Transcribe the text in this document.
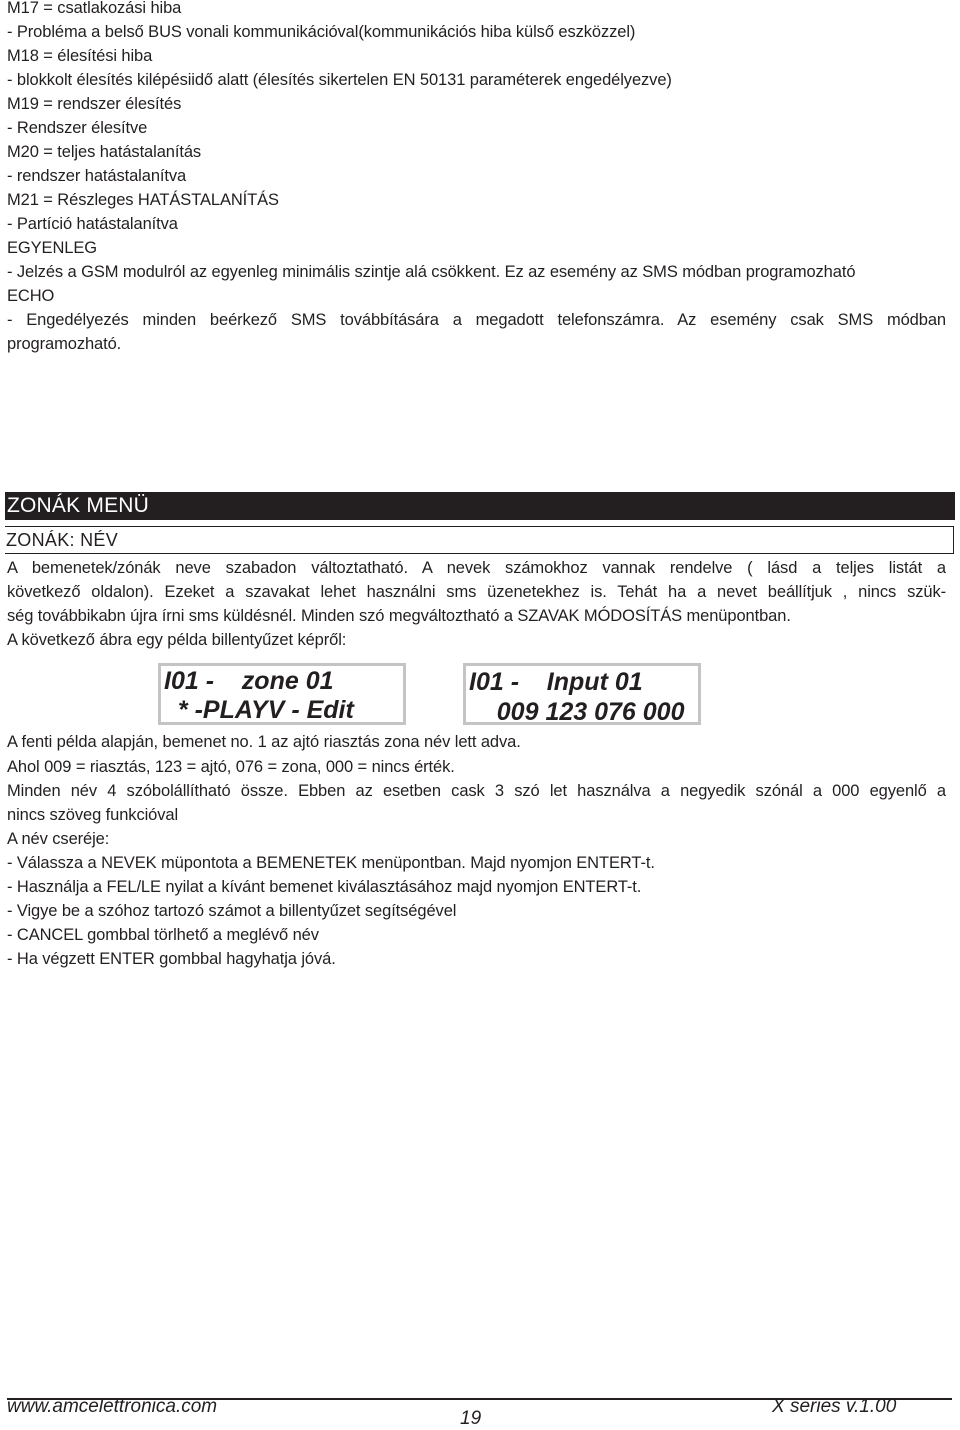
M17 = csatlakozási hiba
- Probléma a belső BUS vonali kommunikációval(kommunikációs hiba külső eszközzel)
M18 = élesítési hiba
- blokkolt élesítés kilépésiidő alatt (élesítés sikertelen EN 50131 paraméterek engedélyezve)
M19 = rendszer élesítés
- Rendszer élesítve
M20 = teljes hatástalanítás
- rendszer hatástalanítva
M21 = Részleges HATÁSTALANÍTÁS
- Partíció hatástalanítva
EGYENLEG
- Jelzés a GSM modulról az egyenleg minimális szintje alá csökkent. Ez az esemény az SMS módban programozható
ECHO
- Engedélyezés minden beérkező SMS továbbítására a megadott telefonszámra. Az esemény csak SMS módban
programozható.
ZONÁK MENÜ
ZONÁK: NÉV
A bemenetek/zónák neve szabadon változtatható. A nevek számokhoz vannak rendelve ( lásd a teljes listát a
következő oldalon). Ezeket a szavakat lehet használni sms üzenetekhez is. Tehát ha a nevet beállítjuk , nincs szük-
ség továbbikabn újra írni sms küldésnél. Minden szó megváltoztható a SZAVAK MÓDOSÍTÁS menüpontban.
A következő ábra egy példa billentyűzet képről:
I01 -    zone 01
* -PLAYV - Edit
I01 -    Input 01
009 123 076 000
A fenti példa alapján, bemenet no. 1 az ajtó riasztás zona név lett adva.
Ahol 009 = riasztás, 123 = ajtó, 076 = zona, 000 = nincs érték.
Minden név 4 szóbolállítható össze. Ebben az esetben cask 3 szó let használva a negyedik szónál a 000 egyenlő a
nincs szöveg funkcióval
A név cseréje:
- Válassza a NEVEK müpontota a BEMENETEK menüpontban. Majd nyomjon ENTERT-t.
- Használja a FEL/LE nyilat a kívánt bemenet kiválasztásához majd nyomjon ENTERT-t.
- Vigye be a szóhoz tartozó számot a billentyűzet segítségével
- CANCEL gombbal törlhető a meglévő név
- Ha végzett ENTER gombbal hagyhatja jóvá.
www.amcelettronica.com
19
X series v.1.00
